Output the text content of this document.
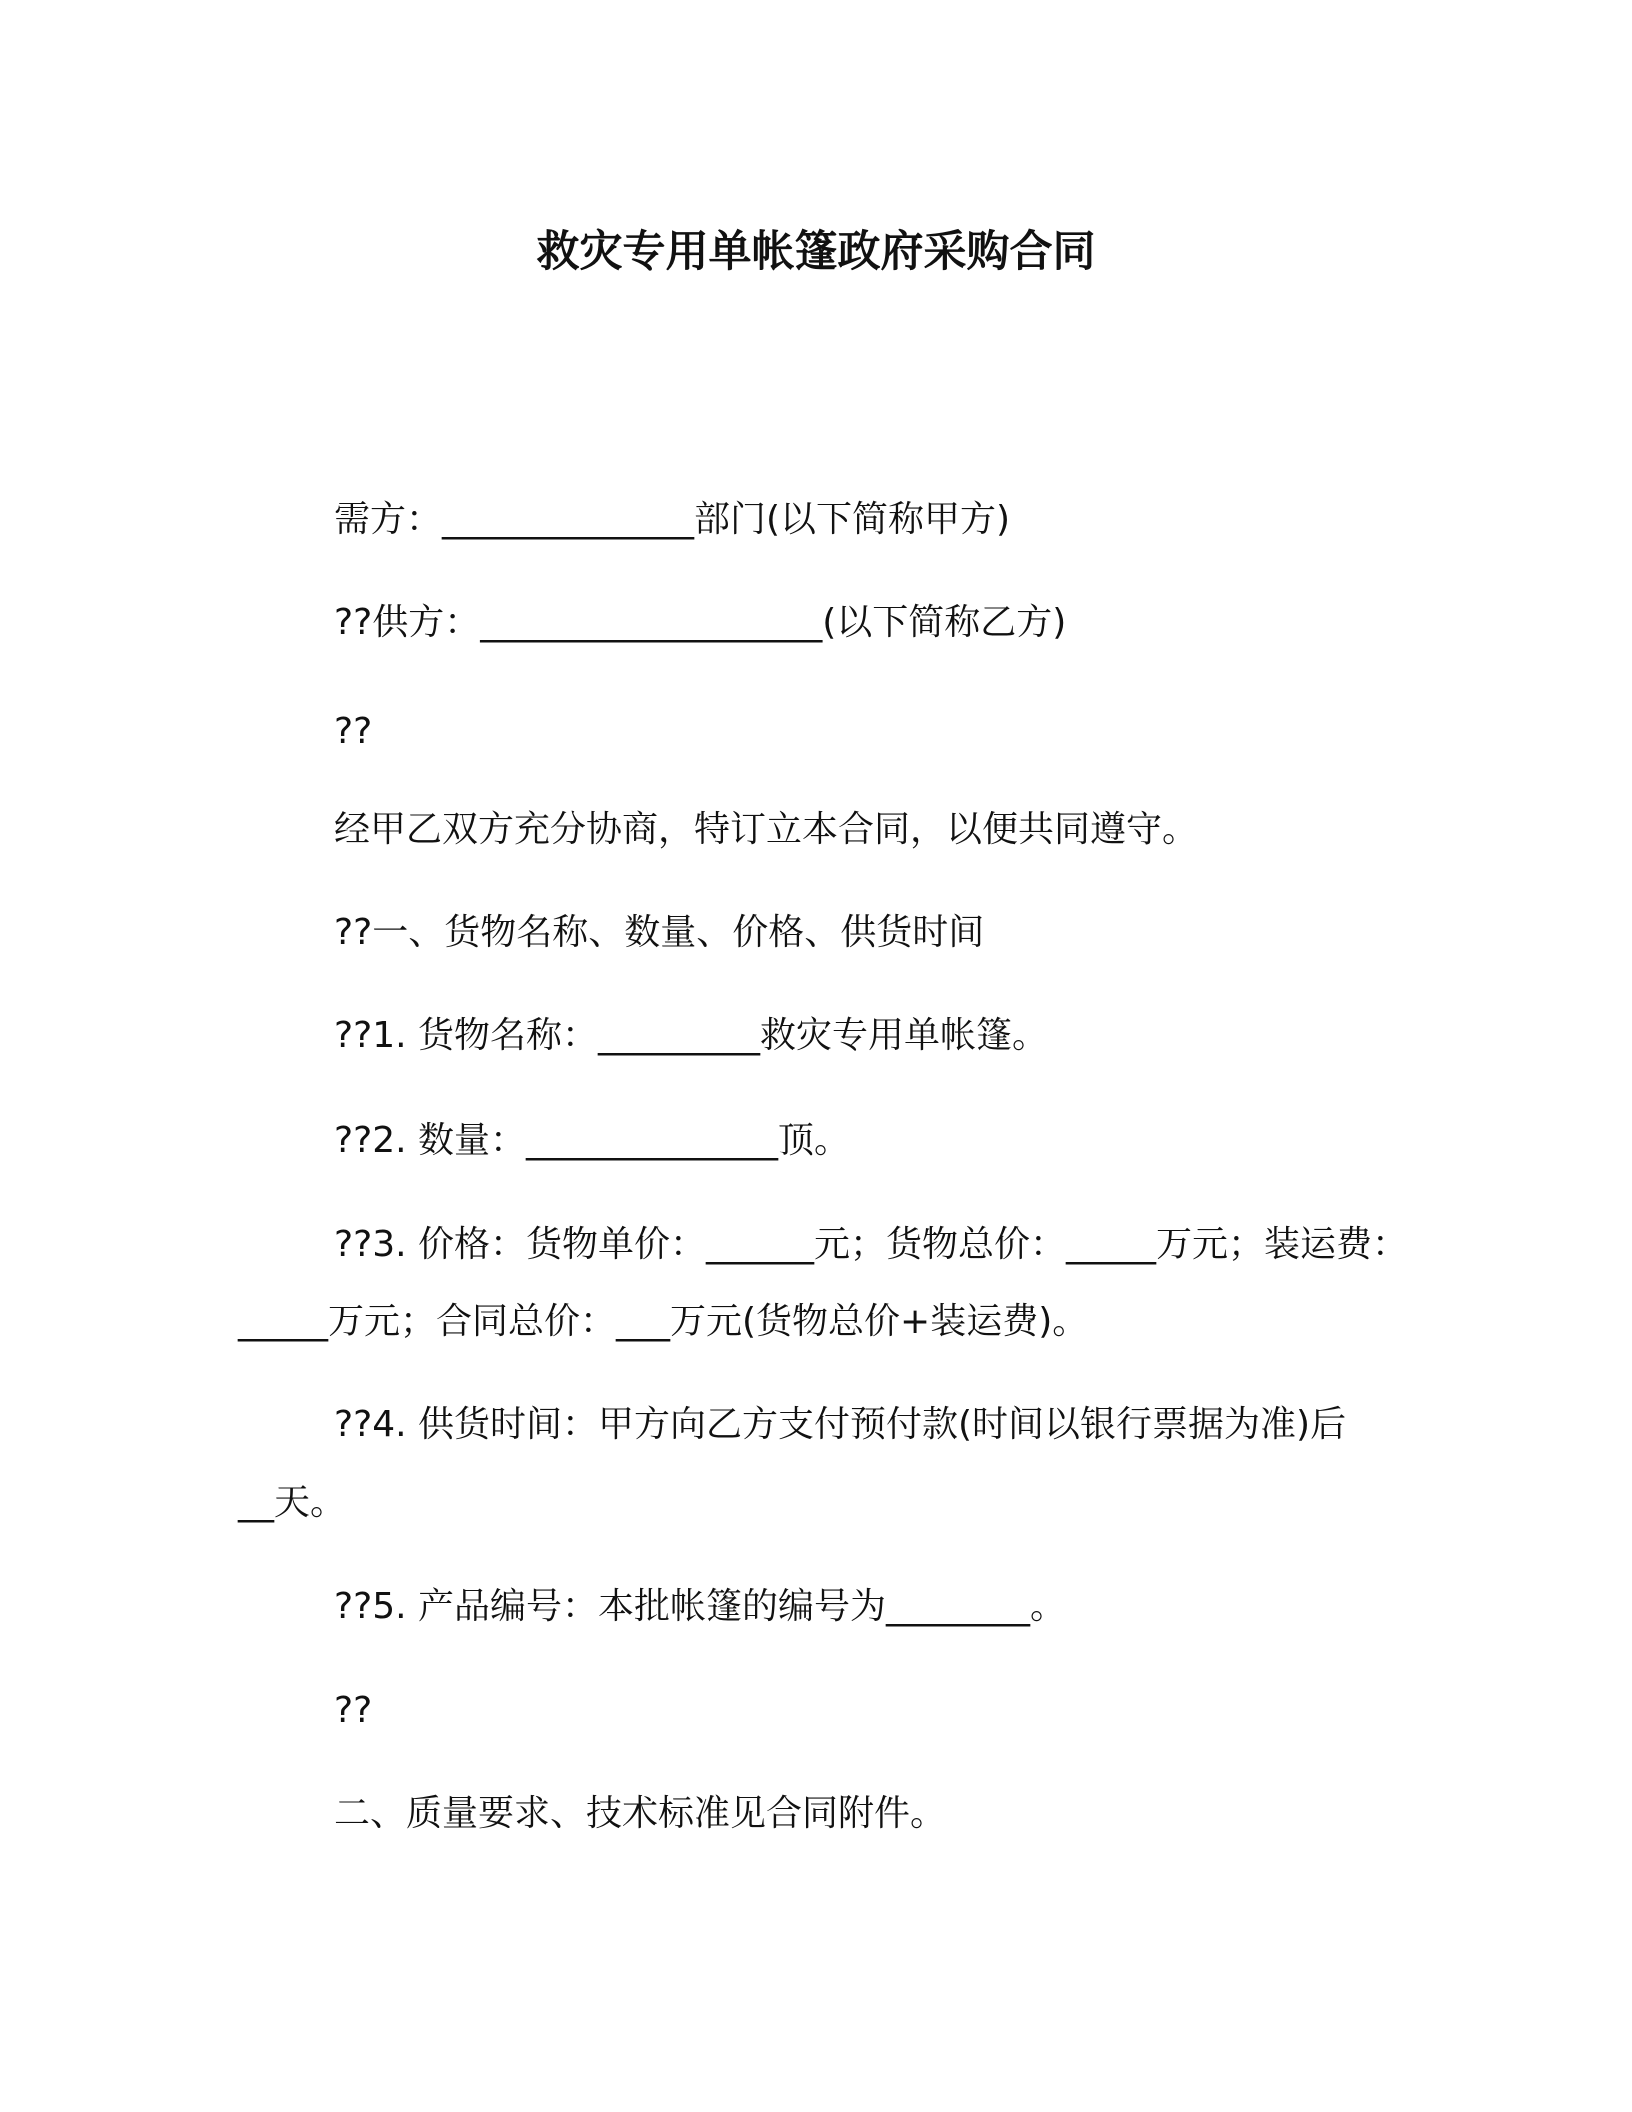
救灾专用单帐篷政府采购合同
需方：______________部门(以下简称甲方)
??供方：___________________(以下简称乙方)
??
经甲乙双方充分协商，特订立本合同，以便共同遵守。
??一、货物名称、数量、价格、供货时间
??1. 货物名称：_________救灾专用单帐篷。
??2. 数量：______________顶。
??3. 价格：货物单价：______元；货物总价：_____万元；装运费：
_____万元；合同总价：___万元(货物总价+装运费)。
??4. 供货时间：甲方向乙方支付预付款(时间以银行票据为准)后
__天。
??5. 产品编号：本批帐篷的编号为________。
??
二、质量要求、技术标准见合同附件。
